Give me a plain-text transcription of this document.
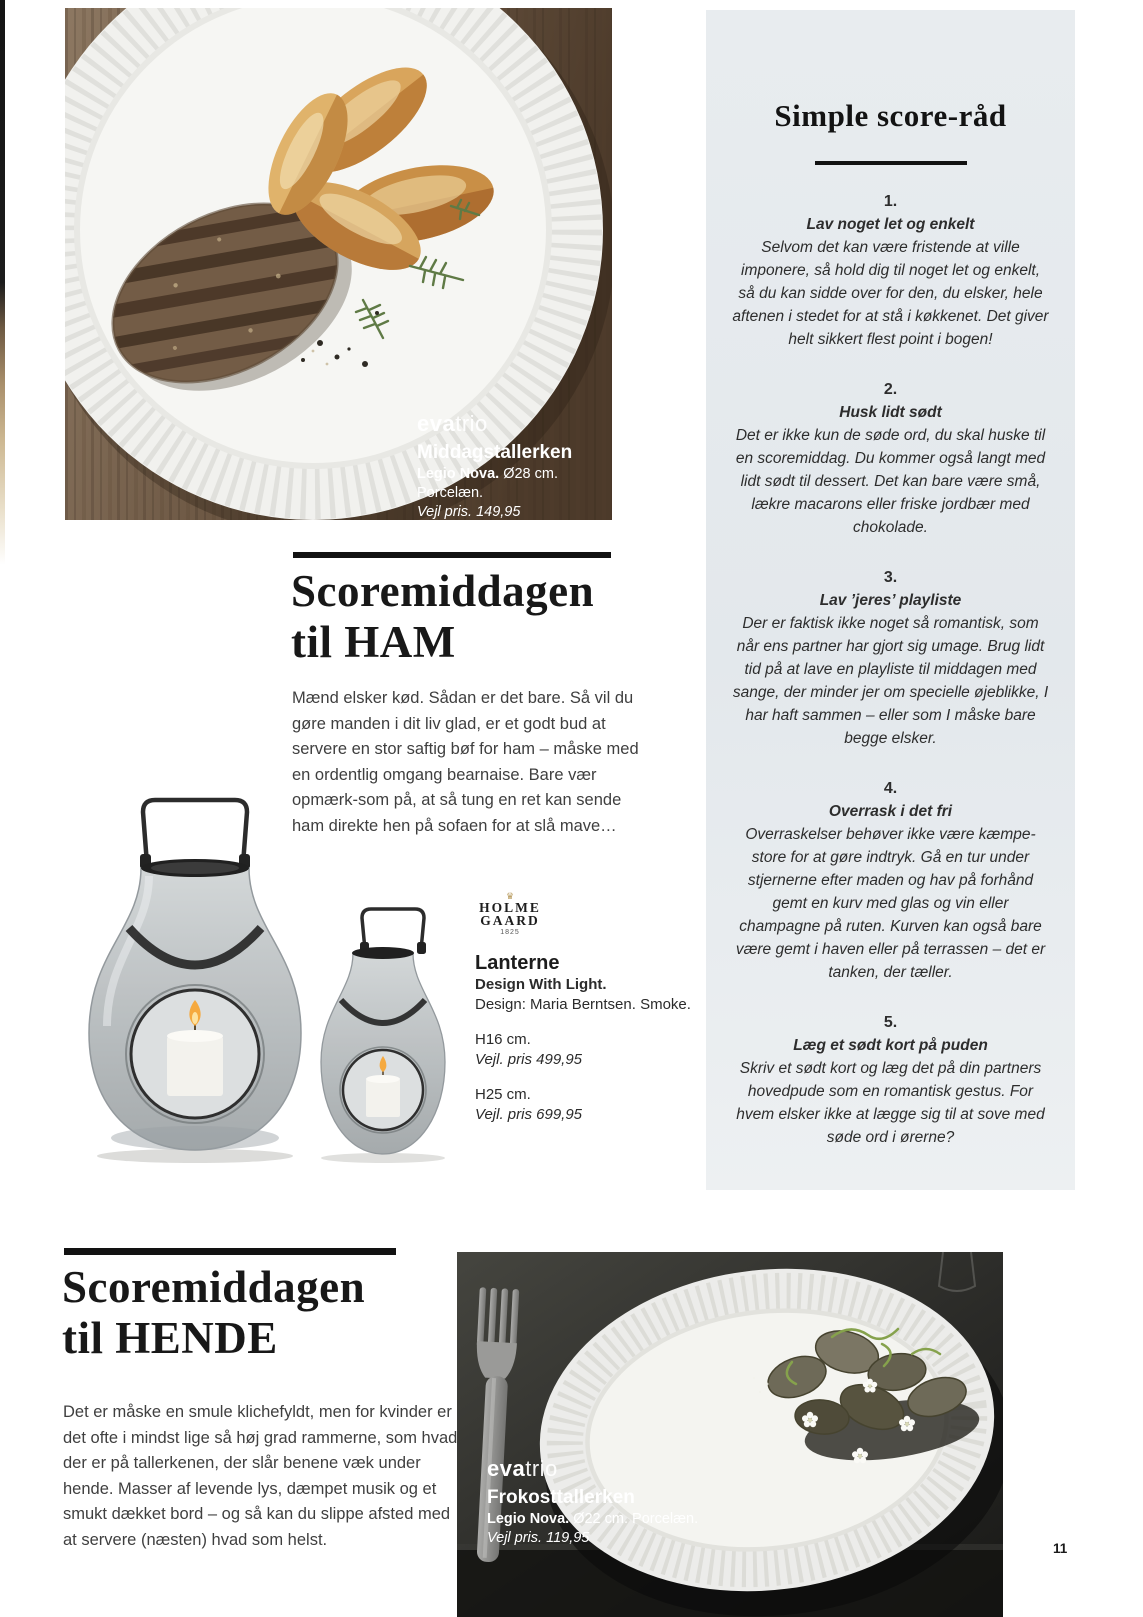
evatrio
Middagstallerken
Legio Nova. Ø28 cm. Porcelæn.
Vejl pris. 149,95
Scoremiddagen
til HAM
Mænd elsker kød. Sådan er det bare. Så vil du gøre manden i dit liv glad, er et godt bud at servere en stor saftig bøf for ham – måske med en ordentlig omgang bearnaise. Bare vær opmærk-som på, at så tung en ret kan sende ham direkte hen på sofaen for at slå mave…
♛
HOLME
GAARD
1825
Lanterne
Design With Light.
Design: Maria Berntsen. Smoke.
H16 cm.
Vejl. pris 499,95
H25 cm.
Vejl. pris 699,95
Simple score-råd
1.
Lav noget let og enkelt
Selvom det kan være fristende at ville imponere, så hold dig til noget let og enkelt, så du kan sidde over for den, du elsker, hele aftenen i stedet for at stå i køkkenet. Det giver helt sikkert flest point i bogen!
2.
Husk lidt sødt
Det er ikke kun de søde ord, du skal huske til en scoremiddag. Du kommer også langt med lidt sødt til dessert. Det kan bare være små, lækre macarons eller friske jordbær med chokolade.
3.
Lav ’jeres’ playliste
Der er faktisk ikke noget så romantisk, som når ens partner har gjort sig umage. Brug lidt tid på at lave en playliste til middagen med sange, der minder jer om specielle øjeblikke, I har haft sammen – eller som I måske bare begge elsker.
4.
Overrask i det fri
Overraskelser behøver ikke være kæmpe-store for at gøre indtryk. Gå en tur under stjernerne efter maden og hav på forhånd gemt en kurv med glas og vin eller champagne på ruten. Kurven kan også bare være gemt i haven eller på terrassen – det er tanken, der tæller.
5.
Læg et sødt kort på puden
Skriv et sødt kort og læg det på din partners hovedpude som en romantisk gestus. For hvem elsker ikke at lægge sig til at sove med søde ord i ørerne?
Scoremiddagen
til HENDE
Det er måske en smule klichefyldt, men for kvinder er det ofte i mindst lige så høj grad rammerne, som hvad der er på tallerkenen, der slår benene væk under hende. Masser af levende lys, dæmpet musik og et smukt dækket bord – og så kan du slippe afsted med at servere (næsten) hvad som helst.
evatrio
Frokosttallerken
Legio Nova. Ø22 cm. Porcelæn.
Vejl pris. 119,95
11
